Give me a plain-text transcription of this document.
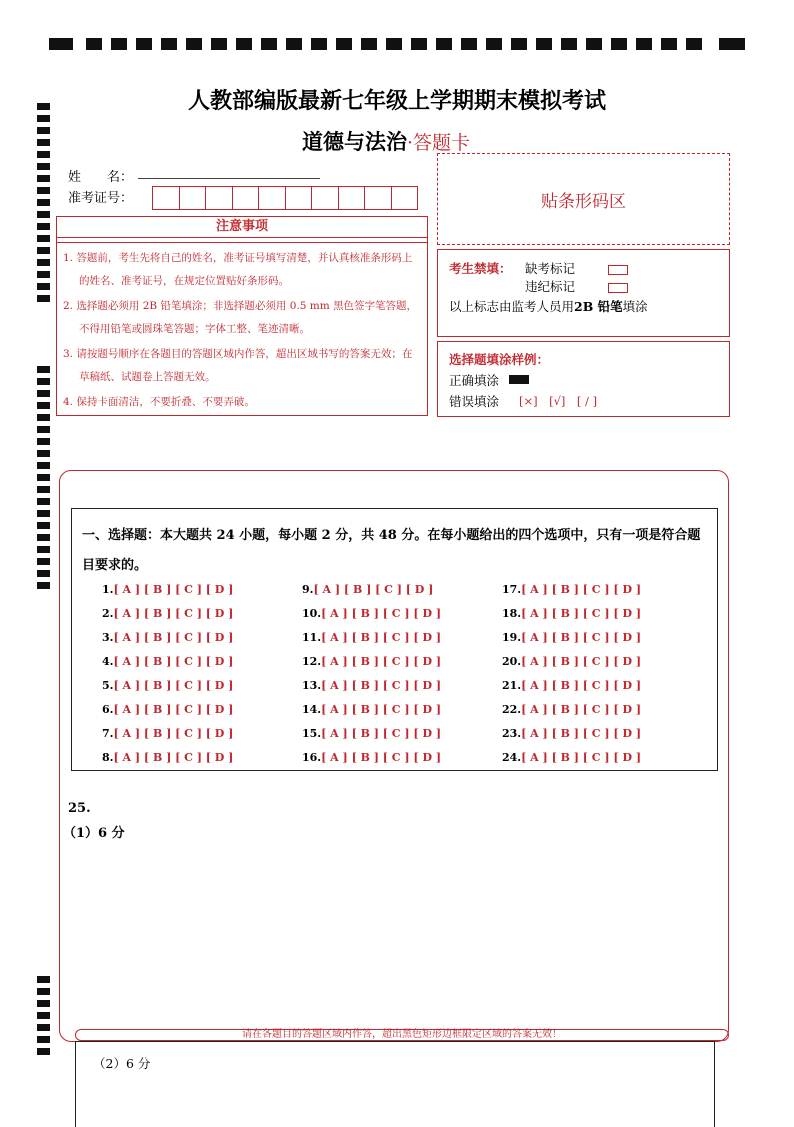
人教部编版最新七年级上学期期末模拟考试
道德与法治·答题卡
姓　　名：
准考证号：	贴条形码区
注意事项

1. 答题前，考生先将自己的姓名，准考证号填写清楚，并认真核准条形码上的姓名、准考证号，在规定位置贴好条形码。

2. 选择题必须用 2B 铅笔填涂；非选择题必须用 0.5 mm 黑色签字笔答题，不得用铅笔或圆珠笔答题；字体工整、笔迹清晰。

3. 请按题号顺序在各题目的答题区域内作答，超出区域书写的答案无效；在草稿纸、试题卷上答题无效。

4. 保持卡面清洁，不要折叠、不要弄破。

考生禁填： 缺考标记
违纪标记
以上标志由监考人员用2B 铅笔填涂
选择题填涂样例：
正确填涂
错误填涂 [×]　[√]　[ / ]
一、选择题：本大题共 24 小题，每小题 2 分，共 48 分。在每小题给出的四个选项中，只有一项是符合题目要求的。
1.[ A ] [ B ] [ C ] [ D ]
2.[ A ] [ B ] [ C ] [ D ]
3.[ A ] [ B ] [ C ] [ D ]
4.[ A ] [ B ] [ C ] [ D ]
5.[ A ] [ B ] [ C ] [ D ]
6.[ A ] [ B ] [ C ] [ D ]
7.[ A ] [ B ] [ C ] [ D ]
8.[ A ] [ B ] [ C ] [ D ]
9.[ A ] [ B ] [ C ] [ D ]
10.[ A ] [ B ] [ C ] [ D ]
11.[ A ] [ B ] [ C ] [ D ]
12.[ A ] [ B ] [ C ] [ D ]
13.[ A ] [ B ] [ C ] [ D ]
14.[ A ] [ B ] [ C ] [ D ]
15.[ A ] [ B ] [ C ] [ D ]
16.[ A ] [ B ] [ C ] [ D ]
17.[ A ] [ B ] [ C ] [ D ]
18.[ A ] [ B ] [ C ] [ D ]
19.[ A ] [ B ] [ C ] [ D ]
20.[ A ] [ B ] [ C ] [ D ]
21.[ A ] [ B ] [ C ] [ D ]
22.[ A ] [ B ] [ C ] [ D ]
23.[ A ] [ B ] [ C ] [ D ]
24.[ A ] [ B ] [ C ] [ D ]
25.
（1）6 分
请在各题目的答题区域内作答，超出黑色矩形边框限定区域的答案无效！
（2）6 分
